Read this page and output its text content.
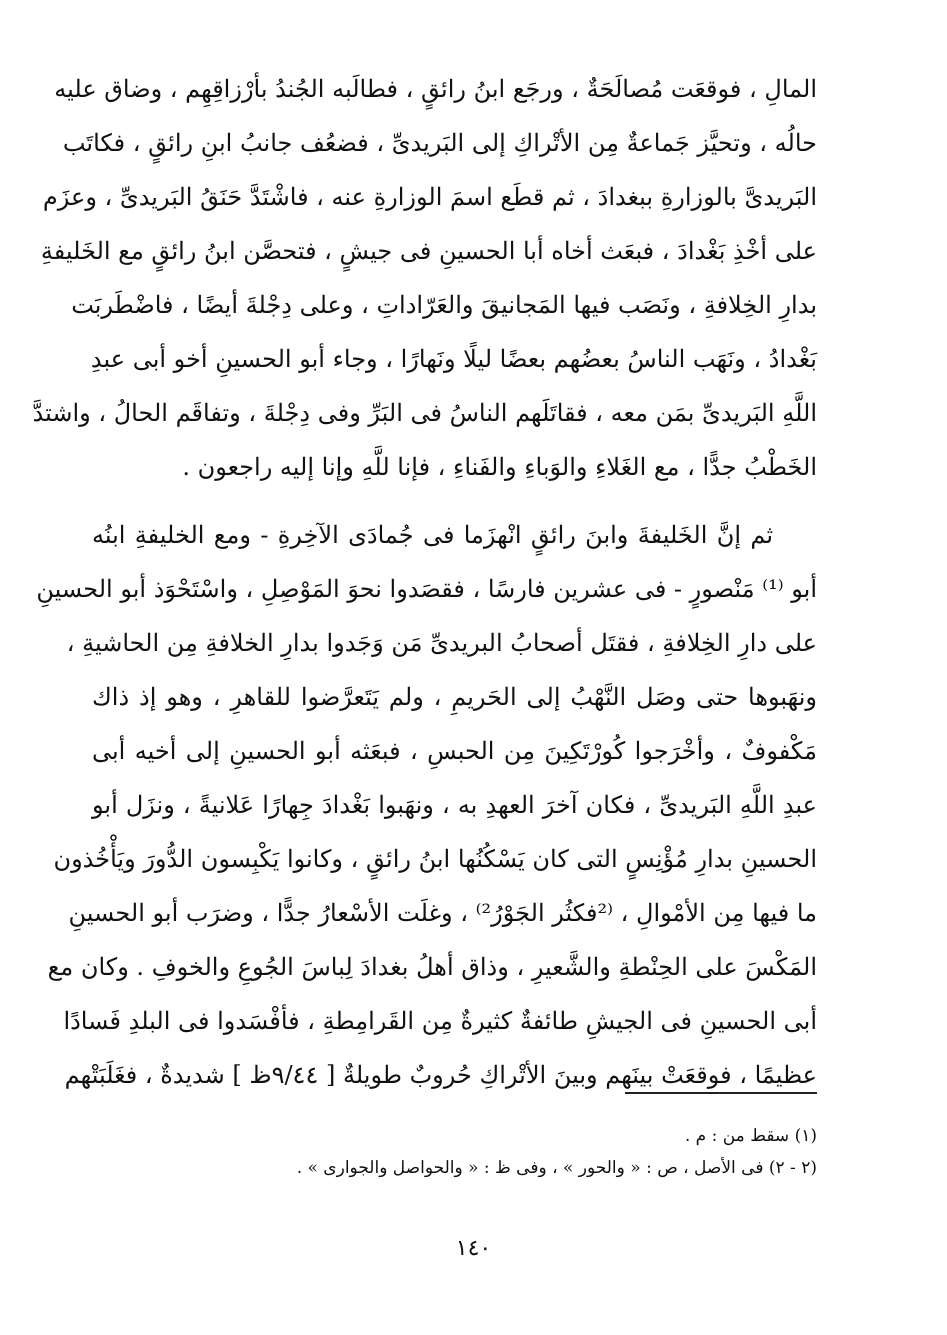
المالِ ، فوقعَت مُصالَحَةٌ ، ورجَع ابنُ رائقٍ ، فطالَبه الجُندُ بأرْزاقِهِم ، وضاق عليه
حالُه ، وتحيَّز جَماعةٌ مِن الأتْراكِ إلى البَريدىِّ ، فضعُف جانبُ ابنِ رائقٍ ، فكاتَب
البَريدىَّ بالوزارةِ ببغدادَ ، ثم قطَع اسمَ الوزارةِ عنه ، فاشْتَدَّ حَنَقُ البَريدىِّ ، وعزَم
على أخْذِ بَغْدادَ ، فبعَث أخاه أبا الحسينِ فى جيشٍ ، فتحصَّن ابنُ رائقٍ مع الخَليفةِ
بدارِ الخِلافةِ ، ونَصَب فيها المَجانيقَ والعَرّاداتِ ، وعلى دِجْلةَ أيضًا ، فاضْطَربَت
بَغْدادُ ، ونَهَب الناسُ بعضُهم بعضًا ليلًا ونَهارًا ، وجاء أبو الحسينِ أخو أبى عبدِ
اللَّهِ البَريدىِّ بمَن معه ، فقاتَلَهم الناسُ فى البَرِّ وفى دِجْلةَ ، وتفاقَم الحالُ ، واشتدَّ
الخَطْبُ جدًّا ، مع الغَلاءِ والوَباءِ والفَناءِ ، فإنا للَّهِ وإنا إليه راجعون .
ثم إنَّ الخَليفةَ وابنَ رائقٍ انْهزَما فى جُمادَى الآخِرةِ - ومع الخليفةِ ابنُه
أبو ⁽¹⁾ مَنْصورٍ - فى عشرين فارسًا ، فقصَدوا نحوَ المَوْصِلِ ، واسْتَحْوَذ أبو الحسينِ
على دارِ الخِلافةِ ، فقتَل أصحابُ البريدىِّ مَن وَجَدوا بدارِ الخلافةِ مِن الحاشيةِ ،
ونهَبوها حتى وصَل النَّهْبُ إلى الحَريمِ ، ولم يَتَعرَّضوا للقاهرِ ، وهو إذ ذاك
مَكْفوفٌ ، وأخْرَجوا كُورْتَكِينَ مِن الحبسِ ، فبعَثه أبو الحسينِ إلى أخيه أبى
عبدِ اللَّهِ البَريدىِّ ، فكان آخرَ العهدِ به ، ونهَبوا بَغْدادَ جِهارًا عَلانيةً ، ونزَل أبو
الحسينِ بدارِ مُؤْنِسٍ التى كان يَسْكُنُها ابنُ رائقٍ ، وكانوا يَكْبِسون الدُّورَ ويَأْخُذون
ما فيها مِن الأمْوالِ ، ⁽²فكثُر الجَوْرُ²⁾ ، وغلَت الأسْعارُ جدًّا ، وضرَب أبو الحسينِ
المَكْسَ على الحِنْطةِ والشَّعيرِ ، وذاق أهلُ بغدادَ لِباسَ الجُوعِ والخوفِ . وكان مع
أبى الحسينِ فى الجيشِ طائفةٌ كثيرةٌ مِن القَرامِطةِ ، فأفْسَدوا فى البلدِ فَسادًا
عظيمًا ، فوقعَتْ بينَهم وبينَ الأتْراكِ حُروبٌ طويلةٌ [ ٩/٤٤ظ ] شديدةٌ ، فغَلَبَتْهم
(١) سقط من : م .
(٢ - ٢) فى الأصل ، ص : « والحور » ، وفى ظ : « والحواصل والجوارى » .
١٤٠
